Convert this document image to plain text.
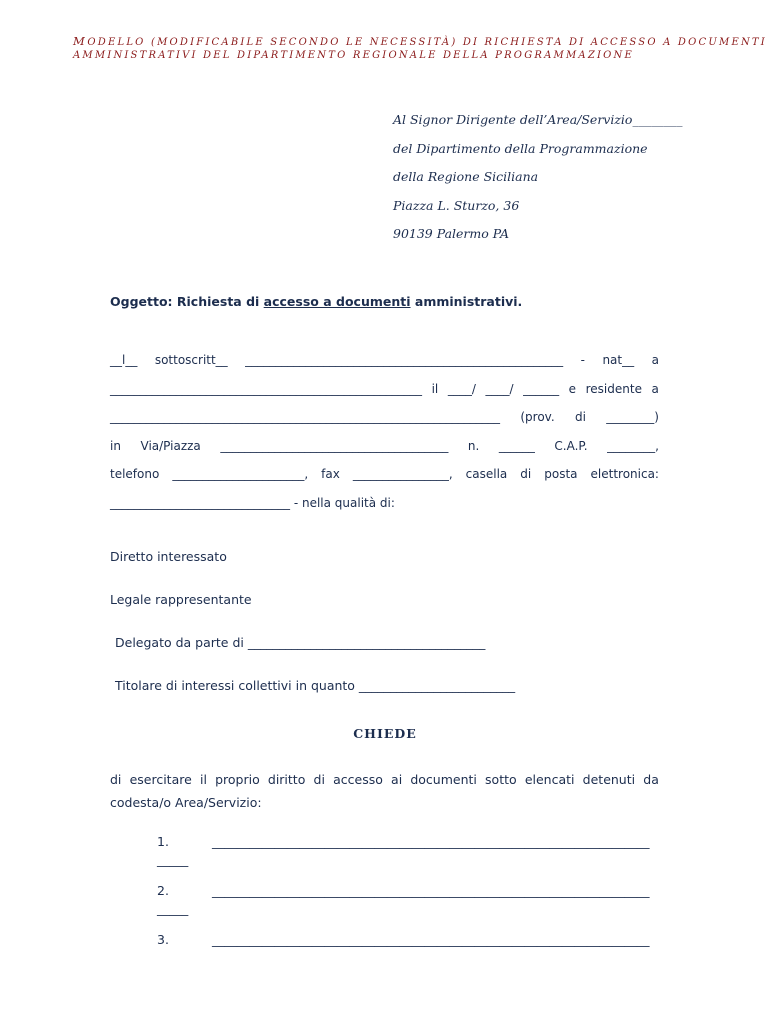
MODELLO (MODIFICABILE SECONDO LE NECESSITÀ) DI RICHIESTA DI ACCESSO A DOCUMENTI
AMMINISTRATIVI DEL DIPARTIMENTO REGIONALE DELLA PROGRAMMAZIONE
Al Signor Dirigente dell’Area/Servizio________
del Dipartimento della Programmazione
della Regione Siciliana
Piazza L. Sturzo, 36
90139 Palermo PA
Oggetto: Richiesta di accesso a documenti amministrativi.
__l__ sottoscritt__ _____________________________________________________ - nat__ a
____________________________________________________ il ____/ ____/ ______ e residente a
_________________________________________________________________ (prov. di ________)
in Via/Piazza ______________________________________ n. ______ C.A.P. ________,
telefono ______________________, fax ________________, casella di posta elettronica:
______________________________ - nella qualità di:
Diretto interessato
Legale rappresentante
Delegato da parte di ______________________________________
Titolare di interessi collettivi in quanto _________________________
CHIEDE
di esercitare il proprio diritto di accesso ai documenti sotto elencati detenuti da
codesta/o Area/Servizio:
1.	______________________________________________________________________
_____
2.	______________________________________________________________________
_____
3.	______________________________________________________________________
